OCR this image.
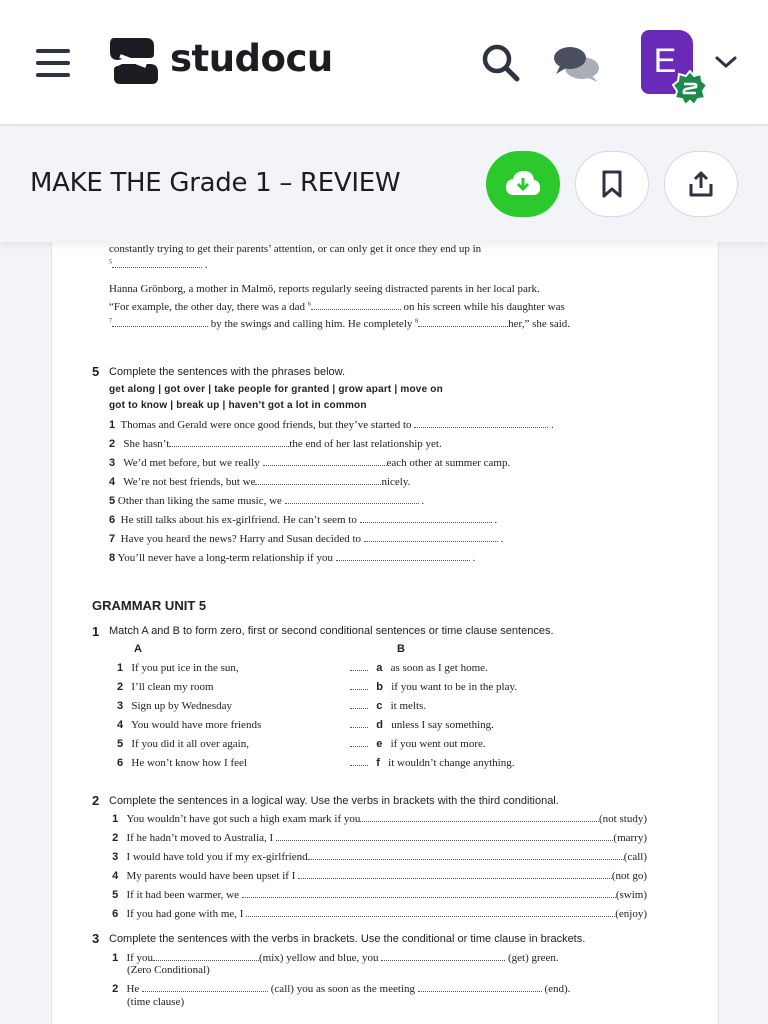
studocu	E
MAKE THE Grade 1 – REVIEW
constantly trying to get their parents’ attention, or can only get it once they end up in
$^5$	.
Hanna Grönborg, a mother in Malmö, reports regularly seeing distracted parents in her local park.
“For example, the other day, there was a dad $^6$	on his screen while his daughter was
$^7$	by the swings and calling him. He completely $^8$	her,” she said.
5 Complete the sentences with the phrases below.
get along | got over | take people for granted | grow apart | move on
got to know | break up | haven’t got a lot in common
1 Thomas and Gerald were once good friends, but they’ve started to	.
2 She hasn’t	the end of her last relationship yet.
3 We’d met before, but we really	each other at summer camp.
4 We’re not best friends, but we	nicely.
5 Other than liking the same music, we	.
6 He still talks about his ex-girlfriend. He can’t seem to	.
7 Have you heard the news? Harry and Susan decided to	.
8 You’ll never have a long-term relationship if you	.
GRAMMAR UNIT 5
1 Match A and B to form zero, first or second conditional sentences or time clause sentences.
A	B
1 If you put ice in the sun,	a as soon as I get home.
2 I’ll clean my room	b if you want to be in the play.
3 Sign up by Wednesday	c it melts.
4 You would have more friends	d unless I say something.
5 If you did it all over again,	e if you went out more.
6 He won’t know how I feel	f it wouldn’t change anything.
2 Complete the sentences in a logical way. Use the verbs in brackets with the third conditional.

1
You wouldn’t have got such a high exam mark if you	(not study)

2
If he hadn’t moved to Australia, I
	(marry)

3
I would have told you if my ex-girlfriend	(call)

4
My parents would have been upset if I
	(not go)

5
If it had been warmer, we
	(swim)

6
If you had gone with me, I
	(enjoy)
3 Complete the sentences with the verbs in brackets. Use the conditional or time clause in brackets.
1 If you	(mix) yellow and blue, you	(get) green.
(Zero Conditional)
2 He	(call) you as soon as the meeting	(end).
(time clause)
